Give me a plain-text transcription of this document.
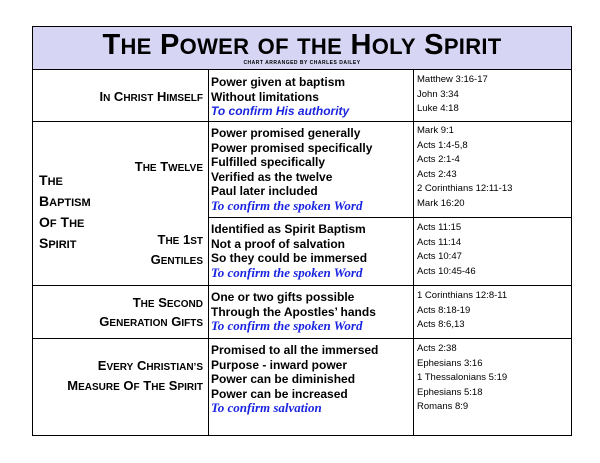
THE POWER OF THE HOLY SPIRIT
CHART ARRANGED BY CHARLES DAILEY
IN CHRIST HIMSELF
Power given at baptism
Without limitations
To confirm His authority
Matthew 3:16-17
John 3:34
Luke 4:18
THE
BAPTISM
OF THE
SPIRIT
THE TWELVE
Power promised generally
Power promised specifically
Fulfilled specifically
Verified as the twelve
Paul later included
To confirm the spoken Word
Mark 9:1
Acts 1:4-5,8
Acts 2:1-4
Acts 2:43
2 Corinthians 12:11-13
Mark 16:20
THE 1ST
GENTILES
Identified as Spirit Baptism
Not a proof of salvation
So they could be immersed
To confirm the spoken Word
Acts 11:15
Acts 11:14
Acts 10:47
Acts 10:45-46
THE SECOND
GENERATION GIFTS
One or two gifts possible
Through the Apostles’ hands
To confirm the spoken Word
1 Corinthians 12:8-11
Acts 8:18-19
Acts 8:6,13
EVERY CHRISTIAN’S
MEASURE OF THE SPIRIT
Promised to all the immersed
Purpose - inward power
Power can be diminished
Power can be increased
To confirm salvation
Acts 2:38
Ephesians 3:16
1 Thessalonians 5:19
Ephesians 5:18
Romans 8:9
